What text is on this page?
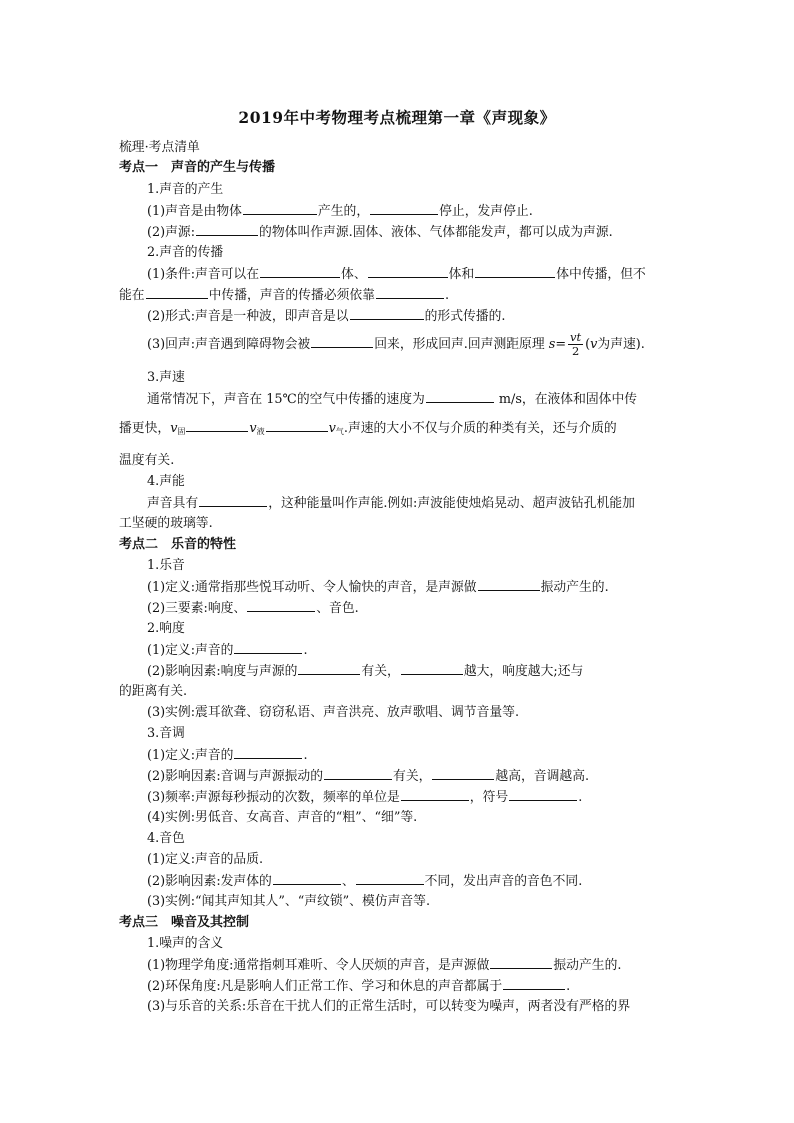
2019年中考物理考点梳理第一章《声现象》
梳理·考点清单
考点一　声音的产生与传播
1.声音的产生
(1)声音是由物体	产生的，	停止，发声停止.
(2)声源:	的物体叫作声源.固体、液体、气体都能发声，都可以成为声源.
2.声音的传播
(1)条件:声音可以在	体、	体和	体中传播，但不
能在	中传播，声音的传播必须依靠	.
(2)形式:声音是一种波，即声音是以	的形式传播的.
(3)回声:声音遇到障碍物会被	回来，形成回声.回声测距原理 $s= \frac{vt}{2} (v$为声速).
3.声速
通常情况下，声音在 15℃的空气中传播的速度为	m/s，在液体和固体中传
播更快，$v_固$	$v_液$	$v_气$.声速的大小不仅与介质的种类有关，还与介质的
温度有关.
4.声能
声音具有	，这种能量叫作声能.例如:声波能使烛焰晃动、超声波钻孔机能加
工坚硬的玻璃等.
考点二　乐音的特性
1.乐音
(1)定义:通常指那些悦耳动听、令人愉快的声音，是声源做	振动产生的.
(2)三要素:响度、	、音色.
2.响度
(1)定义:声音的	.
(2)影响因素:响度与声源的	有关，	越大，响度越大;还与
的距离有关.
(3)实例:震耳欲聋、窃窃私语、声音洪亮、放声歌唱、调节音量等.
3.音调
(1)定义:声音的	.
(2)影响因素:音调与声源振动的	有关，	越高，音调越高.
(3)频率:声源每秒振动的次数，频率的单位是	，符号	.
(4)实例:男低音、女高音、声音的“粗”、“细”等.
4.音色
(1)定义:声音的品质.
(2)影响因素:发声体的	、	不同，发出声音的音色不同.
(3)实例:“闻其声知其人”、“声纹锁”、模仿声音等.
考点三　噪音及其控制
1.噪声的含义
(1)物理学角度:通常指刺耳难听、令人厌烦的声音，是声源做	振动产生的.
(2)环保角度:凡是影响人们正常工作、学习和休息的声音都属于	.
(3)与乐音的关系:乐音在干扰人们的正常生活时，可以转变为噪声，两者没有严格的界
